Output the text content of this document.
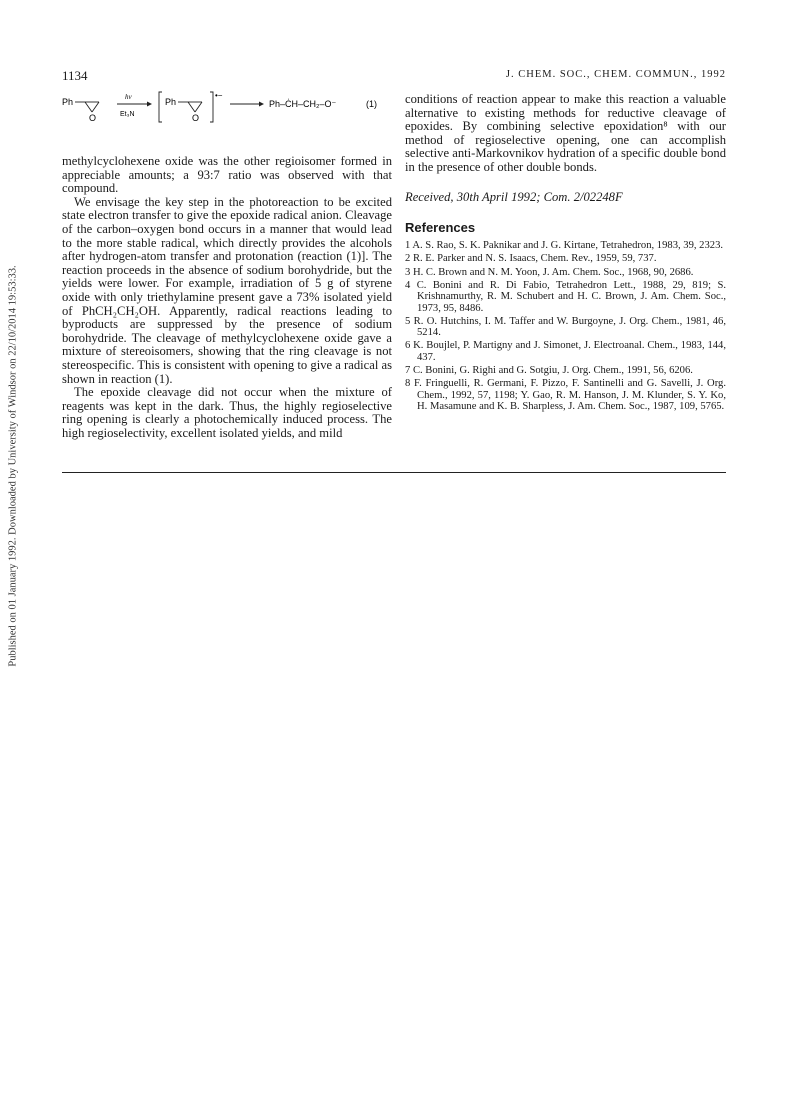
Published on 01 January 1992. Downloaded by University of Windsor on 22/10/2014 19:53:33.
1134	J. CHEM. SOC., CHEM. COMMUN., 1992
Ph
O
hν
Et₃N
Ph
O
•−
Ph–ĊH–CH₂–O⁻	(1)

methylcyclohexene oxide was the other regioisomer formed in appreciable amounts; a 93:7 ratio was observed with that compound.

We envisage the key step in the photoreaction to be excited state electron transfer to give the epoxide radical anion. Cleavage of the carbon–oxygen bond occurs in a manner that would lead to the more stable radical, which directly provides the alcohols after hydrogen-atom transfer and protonation (reaction (1)]. The reaction proceeds in the absence of sodium borohydride, but the yields were lower. For example, irradiation of 5 g of styrene oxide with only triethylamine present gave a 73% isolated yield of PhCH₂CH₂OH. Apparently, radical reactions leading to byproducts are suppressed by the presence of sodium borohydride. The cleavage of methylcyclohexene oxide gave a mixture of stereoisomers, showing that the ring cleavage is not stereospecific. This is consistent with opening to give a radical as shown in reaction (1).

The epoxide cleavage did not occur when the mixture of reagents was kept in the dark. Thus, the highly regioselective ring opening is clearly a photochemically induced process. The high regioselectivity, excellent isolated yields, and mild

conditions of reaction appear to make this reaction a valuable alternative to existing methods for reductive cleavage of epoxides. By combining selective epoxidation⁸ with our method of regioselective opening, one can accomplish selective anti-Markovnikov hydration of a specific double bond in the presence of other double bonds.

Received, 30th April 1992; Com. 2/02248F

References

1 A. S. Rao, S. K. Paknikar and J. G. Kirtane, Tetrahedron, 1983, 39, 2323.

2 R. E. Parker and N. S. Isaacs, Chem. Rev., 1959, 59, 737.

3 H. C. Brown and N. M. Yoon, J. Am. Chem. Soc., 1968, 90, 2686.

4 C. Bonini and R. Di Fabio, Tetrahedron Lett., 1988, 29, 819; S. Krishnamurthy, R. M. Schubert and H. C. Brown, J. Am. Chem. Soc., 1973, 95, 8486.

5 R. O. Hutchins, I. M. Taffer and W. Burgoyne, J. Org. Chem., 1981, 46, 5214.

6 K. Boujlel, P. Martigny and J. Simonet, J. Electroanal. Chem., 1983, 144, 437.

7 C. Bonini, G. Righi and G. Sotgiu, J. Org. Chem., 1991, 56, 6206.

8 F. Fringuelli, R. Germani, F. Pizzo, F. Santinelli and G. Savelli, J. Org. Chem., 1992, 57, 1198; Y. Gao, R. M. Hanson, J. M. Klunder, S. Y. Ko, H. Masamune and K. B. Sharpless, J. Am. Chem. Soc., 1987, 109, 5765.
